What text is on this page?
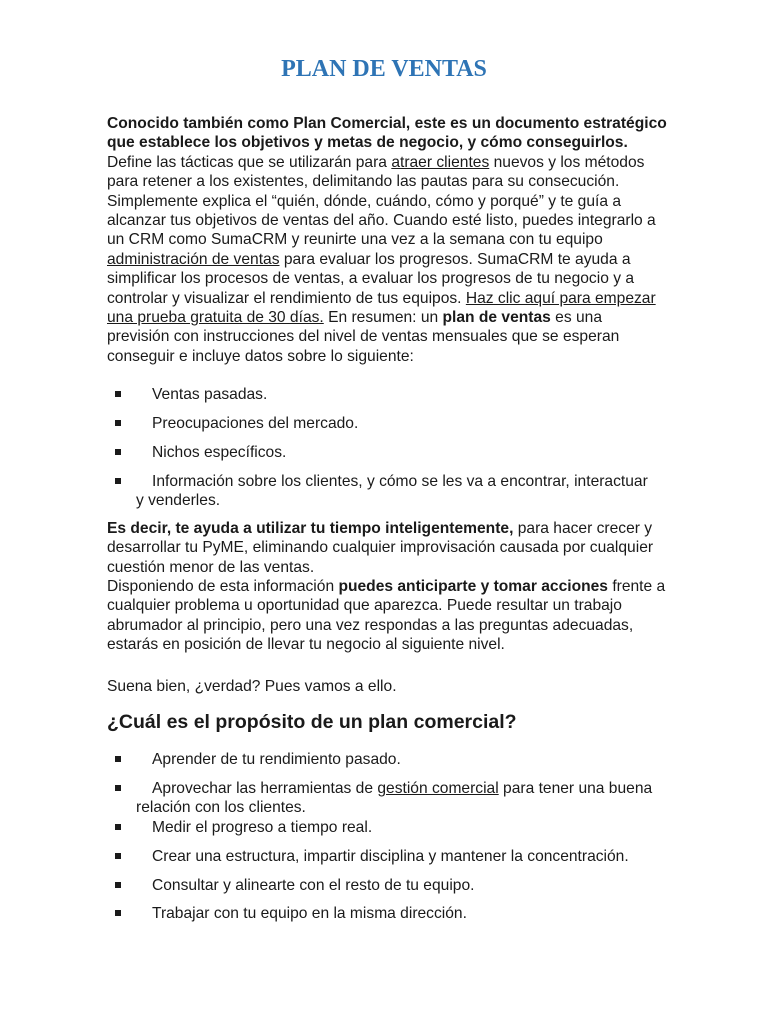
PLAN DE VENTAS

Conocido también como Plan Comercial, este es un documento estratégico que establece los objetivos y metas de negocio, y cómo conseguirlos. Define las tácticas que se utilizarán para atraer clientes nuevos y los métodos para retener a los existentes, delimitando las pautas para su consecución. Simplemente explica el “quién, dónde, cuándo, cómo y porqué” y te guía a alcanzar tus objetivos de ventas del año. Cuando esté listo, puedes integrarlo a un CRM como SumaCRM y reunirte una vez a la semana con tu equipo administración de ventas para evaluar los progresos. SumaCRM te ayuda a simplificar los procesos de ventas, a evaluar los progresos de tu negocio y a controlar y visualizar el rendimiento de tus equipos. Haz clic aquí para empezar una prueba gratuita de 30 días. En resumen: un plan de ventas es una previsión con instrucciones del nivel de ventas mensuales que se esperan conseguir e incluye datos sobre lo siguiente:

Ventas pasadas.
Preocupaciones del mercado.
Nichos específicos.
Información sobre los clientes, y cómo se les va a encontrar, interactuar y venderles.

Es decir, te ayuda a utilizar tu tiempo inteligentemente, para hacer crecer y desarrollar tu PyME, eliminando cualquier improvisación causada por cualquier cuestión menor de las ventas.

Disponiendo de esta información puedes anticiparte y tomar acciones frente a cualquier problema u oportunidad que aparezca. Puede resultar un trabajo abrumador al principio, pero una vez respondas a las preguntas adecuadas, estarás en posición de llevar tu negocio al siguiente nivel.

Suena bien, ¿verdad? Pues vamos a ello.

¿Cuál es el propósito de un plan comercial?
Aprender de tu rendimiento pasado.
Aprovechar las herramientas de gestión comercial para tener una buena relación con los clientes.
Medir el progreso a tiempo real.
Crear una estructura, impartir disciplina y mantener la concentración.
Consultar y alinearte con el resto de tu equipo.
Trabajar con tu equipo en la misma dirección.
